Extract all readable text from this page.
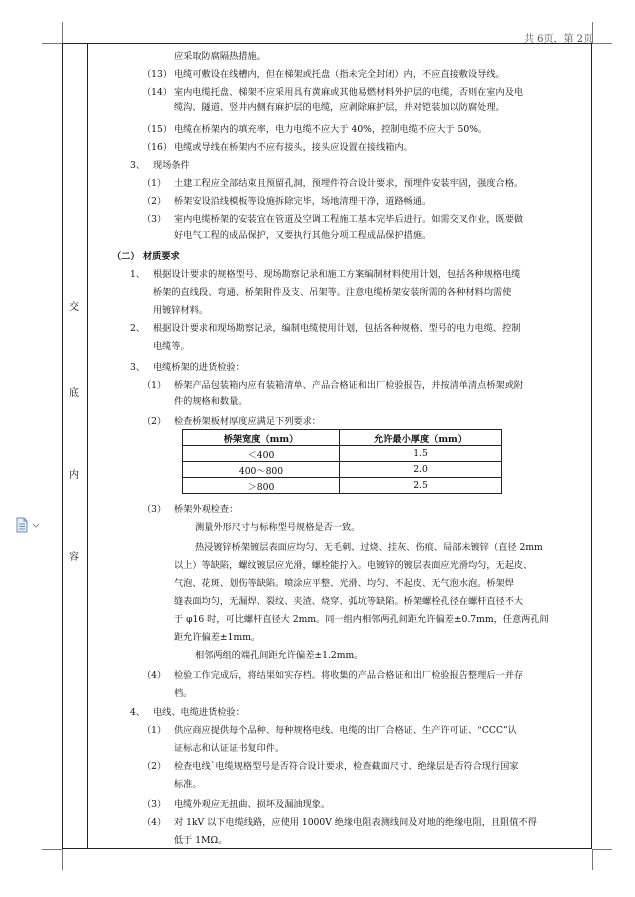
共 6页，第 2页
交
底
内
容
应采取防腐隔热措施。
（13） 电缆可敷设在线槽内，但在梯架或托盘（指未完全封闭）内，不应直接敷设导线。
（14） 室内电缆托盘、梯架不应采用具有黄麻或其他易燃材料外护层的电缆，否则在室内及电
缆沟、隧道、竖井内侧有麻护层的电缆，应剥除麻护层，并对铠装加以防腐处理。
（15） 电缆在桥架内的填充率，电力电缆不应大于 40%，控制电缆不应大于 50%。
（16） 电缆或导线在桥架内不应有接头，接头应设置在接线箱内。
3、 现场条件
（1） 土建工程应全部结束且预留孔洞，预埋件符合设计要求，预埋件安装牢固，强度合格。
（2） 桥架安设沿线模板等设施拆除完毕，场地清理干净，道路畅通。
（3） 室内电缆桥架的安装宜在管道及空调工程施工基本完毕后进行。如需交叉作业，既要做
好电气工程的成品保护，又要执行其他分项工程成品保护措施。
（二） 材质要求
1、 根据设计要求的规格型号、现场勘察记录和施工方案编制材料使用计划，包括各种规格电缆
桥架的直线段、弯通、桥架附件及支、吊架等。注意电缆桥架安装所需的各种材料均需使
用镀锌材料。
2、 根据设计要求和现场勘察记录，编制电缆使用计划，包括各种规格、型号的电力电缆、控制
电缆等。
3、 电缆桥架的进货检验：
（1） 桥架产品包装箱内应有装箱清单、产品合格证和出厂检验报告，并按清单清点桥架或附
件的规格和数量。
（2） 检查桥架板材厚度应满足下列要求：
（3） 桥架外观检查：
测量外形尺寸与标称型号规格是否一致。
热浸镀锌桥架镀层表面应均匀、无毛刺、过烧、挂灰、伤痕、局部未镀锌（直径 2mm
以上）等缺陷，螺纹镀层应光滑，螺栓能拧入。电镀锌的镀层表面应光滑均匀，无起皮、
气泡、花斑、划伤等缺陷。喷涂应平整、光滑、均匀、不起皮、无气泡水泡。桥架焊
缝表面均匀，无漏焊、裂纹、夹渣、烧穿、弧坑等缺陷。桥架螺栓孔径在螺杆直径不大
于 φ16 时，可比螺杆直径大 2mm。同一组内相邻两孔间距允许偏差±0.7mm，任意两孔间
距允许偏差±1mm。
相邻两组的端孔间距允许偏差±1.2mm。
（4） 检验工作完成后，将结果如实存档。将收集的产品合格证和出厂检验报告整理后一并存
档。
4、 电线、电缆进货检验：
（1） 供应商应提供每个品种、每种规格电线、电缆的出厂合格证、生产许可证、“CCC”认
证标志和认证证书复印件。
（2） 检查电线`电缆规格型号是否符合设计要求，检查截面尺寸、绝缘层是否符合现行国家
标准。
（3） 电缆外观应无扭曲、损坏及漏油现象。
（4） 对 1kV 以下电缆线路，应使用 1000V 绝缘电阻表测线间及对地的绝缘电阻，且阻值不得
低于 1MΩ。
桥架宽度（mm）	允许最小厚度（mm）
＜400	1.5
400～800	2.0
＞800	2.5
